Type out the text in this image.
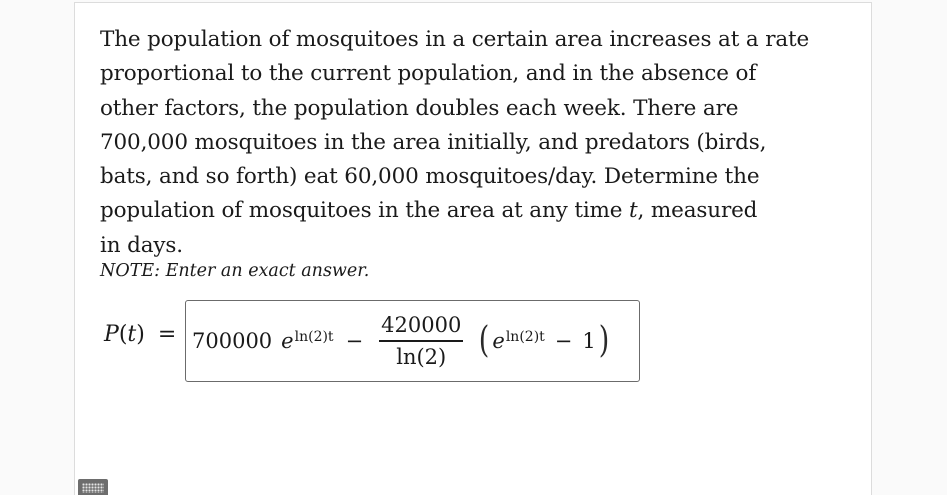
The population of mosquitoes in a certain area increases at a rate
proportional to the current population, and in the absence of
other factors, the population doubles each week. There are
700,000 mosquitoes in the area initially, and predators (birds,
bats, and so forth) eat 60,000 mosquitoes/day. Determine the
population of mosquitoes in the area at any time t, measured
in days.
NOTE: Enter an exact answer.
P(t) = 700000 $e^{ln(2)t} - \frac{420000}{\ln(2)}$ ( $e^{ln(2)t} - 1$ )
